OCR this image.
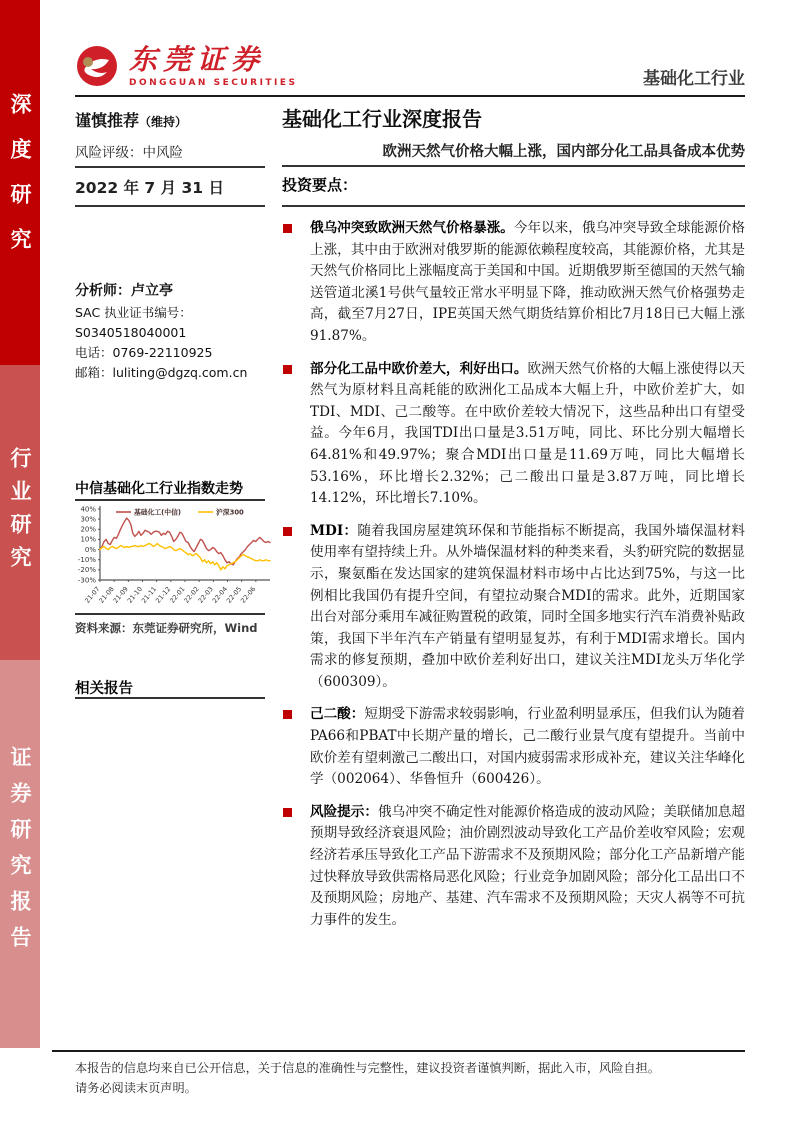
深度研究
行业研究
证券研究报告
东莞证券
DONGGUAN SECURITIES	基础化工行业
谨慎推荐（维持）
风险评级：中风险
2022 年 7 月 31 日
分析师：卢立亭
SAC 执业证书编号：
S0340518040001
电话：0769-22110925
邮箱：luliting@dgzq.com.cn
中信基础化工行业指数走势
40%
30%
20%
10%
0%
-10%
-20%
-30%
21-07
21-08
21-09
21-10
21-11
21-12
22-01
22-02
22-03
22-04
22-05
22-06
基础化工(中信)	沪深300
资料来源：东莞证券研究所，Wind
相关报告
基础化工行业深度报告
欧洲天然气价格大幅上涨，国内部分化工品具备成本优势
投资要点：
俄乌冲突致欧洲天然气价格暴涨。今年以来，俄乌冲突导致全球能源价格上涨，其中由于欧洲对俄罗斯的能源依赖程度较高，其能源价格，尤其是天然气价格同比上涨幅度高于美国和中国。近期俄罗斯至德国的天然气输送管道北溪1号供气量较正常水平明显下降，推动欧洲天然气价格强势走高，截至7月27日，IPE英国天然气期货结算价相比7月18日已大幅上涨91.87%。
部分化工品中欧价差大，利好出口。欧洲天然气价格的大幅上涨使得以天然气为原材料且高耗能的欧洲化工品成本大幅上升，中欧价差扩大，如TDI、MDI、己二酸等。在中欧价差较大情况下，这些品种出口有望受益。今年6月，我国TDI出口量是3.51万吨，同比、环比分别大幅增长64.81%和49.97%；聚合MDI出口量是11.69万吨，同比大幅增长53.16%，环比增长2.32%；己二酸出口量是3.87万吨，同比增长14.12%，环比增长7.10%。
MDI：随着我国房屋建筑环保和节能指标不断提高，我国外墙保温材料使用率有望持续上升。从外墙保温材料的种类来看，头豹研究院的数据显示，聚氨酯在发达国家的建筑保温材料市场中占比达到75%，与这一比例相比我国仍有提升空间，有望拉动聚合MDI的需求。此外，近期国家出台对部分乘用车减征购置税的政策，同时全国多地实行汽车消费补贴政策，我国下半年汽车产销量有望明显复苏，有利于MDI需求增长。国内需求的修复预期，叠加中欧价差利好出口，建议关注MDI龙头万华化学（600309）。
己二酸：短期受下游需求较弱影响，行业盈利明显承压，但我们认为随着PA66和PBAT中长期产量的增长，己二酸行业景气度有望提升。当前中欧价差有望刺激己二酸出口，对国内疲弱需求形成补充，建议关注华峰化学（002064）、华鲁恒升（600426）。
风险提示：俄乌冲突不确定性对能源价格造成的波动风险；美联储加息超预期导致经济衰退风险；油价剧烈波动导致化工产品价差收窄风险；宏观经济若承压导致化工产品下游需求不及预期风险；部分化工产品新增产能过快释放导致供需格局恶化风险；行业竞争加剧风险；部分化工品出口不及预期风险；房地产、基建、汽车需求不及预期风险；天灾人祸等不可抗力事件的发生。
本报告的信息均来自已公开信息，关于信息的准确性与完整性，建议投资者谨慎判断，据此入市，风险自担。
请务必阅读末页声明。
